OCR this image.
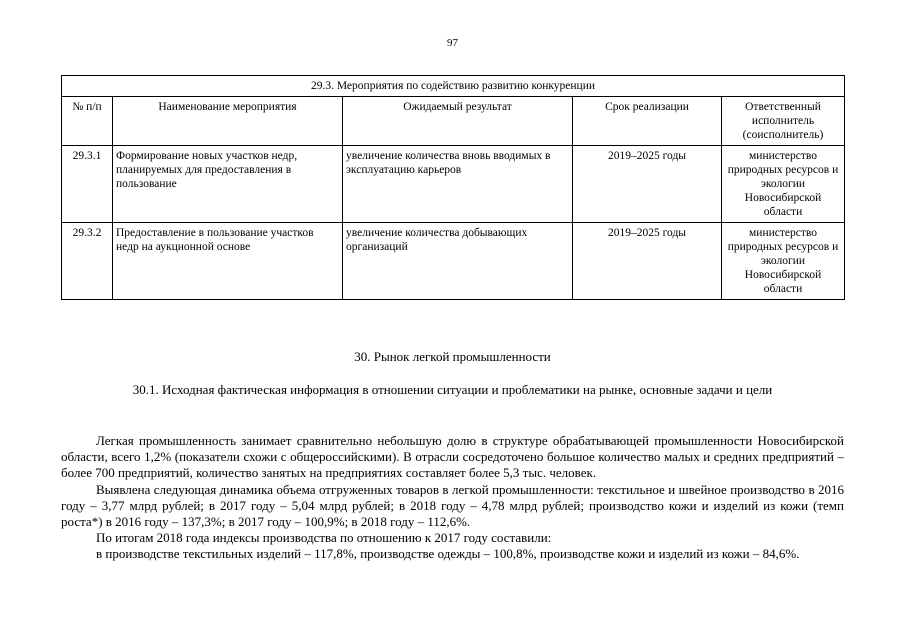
97
29.3. Мероприятия по содействию развитию конкуренции				
№ п/п	Наименование мероприятия	Ожидаемый результат	Срок реализации	Ответственный исполнитель (соисполнитель)
29.3.1	Формирование новых участков недр, планируемых для предоставления в пользование	увеличение количества вновь вводимых в эксплуатацию карьеров	2019–2025 годы	министерство природных ресурсов и экологии Новосибирской области
29.3.2	Предоставление в пользование участков недр на аукционной основе	увеличение количества добывающих организаций	2019–2025 годы	министерство природных ресурсов и экологии Новосибирской области
30. Рынок легкой промышленности
30.1. Исходная фактическая информация в отношении ситуации и проблематики на рынке, основные задачи и цели

Легкая промышленность занимает сравнительно небольшую долю в структуре обрабатывающей промышленности Новосибирской области, всего 1,2% (показатели схожи с общероссийскими). В отрасли сосредоточено большое количество малых и средних предприятий – более 700 предприятий, количество занятых на предприятиях составляет более 5,3 тыс. человек.

Выявлена следующая динамика объема отгруженных товаров в легкой промышленности: текстильное и швейное производство в 2016 году – 3,77 млрд рублей; в 2017 году – 5,04 млрд рублей; в 2018 году – 4,78 млрд рублей; производство кожи и изделий из кожи (темп роста*) в 2016 году – 137,3%; в 2017 году – 100,9%; в 2018 году – 112,6%.

По итогам 2018 года индексы производства по отношению к 2017 году составили:

в производстве текстильных изделий – 117,8%, производстве одежды – 100,8%, производстве кожи и изделий из кожи – 84,6%.
